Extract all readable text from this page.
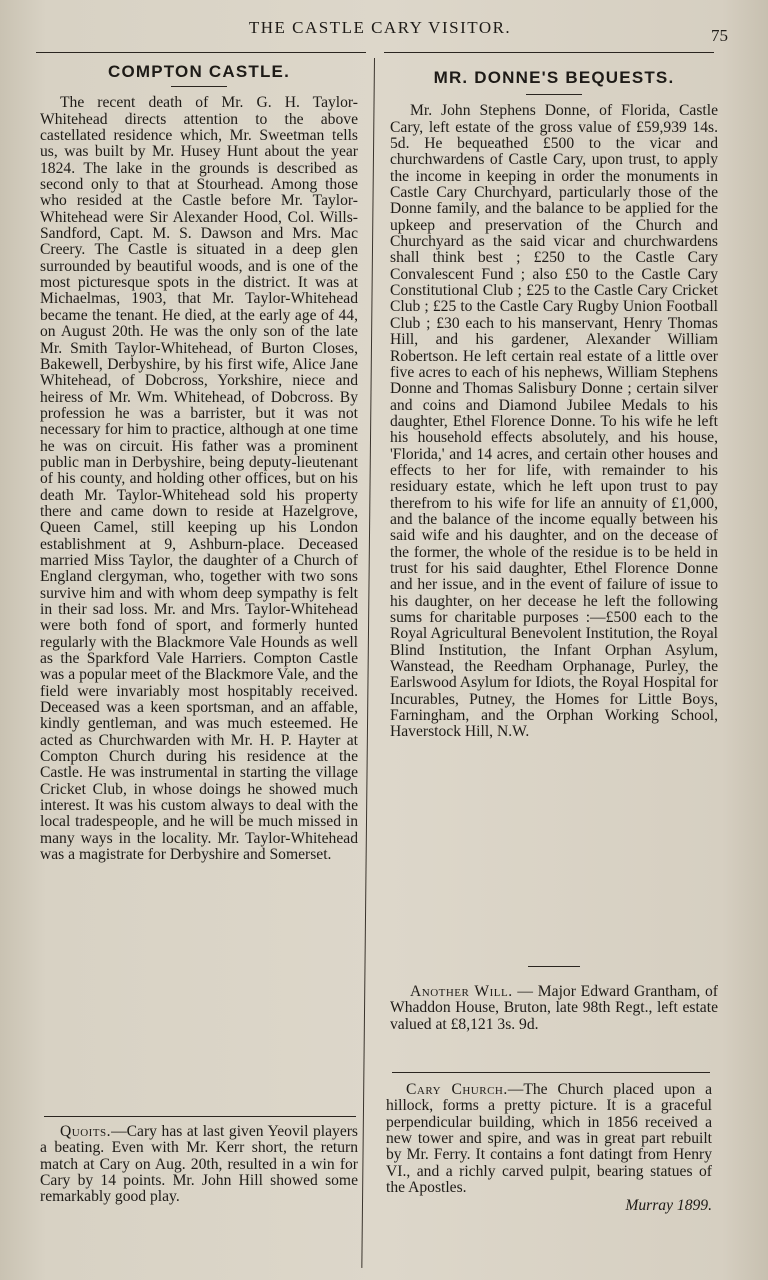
THE CASTLE CARY VISITOR.	75
COMPTON CASTLE.

The recent death of Mr. G. H. Taylor-Whitehead directs attention to the above castellated residence which, Mr. Sweetman tells us, was built by Mr. Husey Hunt about the year 1824. The lake in the grounds is described as second only to that at Stourhead. Among those who resided at the Castle before Mr. Taylor-Whitehead were Sir Alexander Hood, Col. Wills-Sandford, Capt. M. S. Dawson and Mrs. Mac Creery. The Castle is situated in a deep glen surrounded by beautiful woods, and is one of the most picturesque spots in the district. It was at Michaelmas, 1903, that Mr. Taylor-Whitehead became the tenant. He died, at the early age of 44, on August 20th. He was the only son of the late Mr. Smith Taylor-Whitehead, of Burton Closes, Bakewell, Derbyshire, by his first wife, Alice Jane Whitehead, of Dobcross, Yorkshire, niece and heiress of Mr. Wm. Whitehead, of Dobcross. By profession he was a barrister, but it was not necessary for him to practice, although at one time he was on circuit. His father was a prominent public man in Derbyshire, being deputy-lieutenant of his county, and holding other offices, but on his death Mr. Taylor-Whitehead sold his property there and came down to reside at Hazelgrove, Queen Camel, still keeping up his London establishment at 9, Ashburn-place. Deceased married Miss Taylor, the daughter of a Church of England clergyman, who, together with two sons survive him and with whom deep sympathy is felt in their sad loss. Mr. and Mrs. Taylor-Whitehead were both fond of sport, and formerly hunted regularly with the Blackmore Vale Hounds as well as the Sparkford Vale Harriers. Compton Castle was a popular meet of the Blackmore Vale, and the field were invariably most hospitably received. Deceased was a keen sportsman, and an affable, kindly gentleman, and was much esteemed. He acted as Churchwarden with Mr. H. P. Hayter at Compton Church during his residence at the Castle. He was instrumental in starting the village Cricket Club, in whose doings he showed much interest. It was his custom always to deal with the local tradespeople, and he will be much missed in many ways in the locality. Mr. Taylor-Whitehead was a magistrate for Derbyshire and Somerset.

Quoits.—Cary has at last given Yeovil players a beating. Even with Mr. Kerr short, the return match at Cary on Aug. 20th, resulted in a win for Cary by 14 points. Mr. John Hill showed some remarkably good play.

MR. DONNE'S BEQUESTS.

Mr. John Stephens Donne, of Florida, Castle Cary, left estate of the gross value of £59,939 14s. 5d. He bequeathed £500 to the vicar and churchwardens of Castle Cary, upon trust, to apply the income in keeping in order the monuments in Castle Cary Churchyard, particularly those of the Donne family, and the balance to be applied for the upkeep and preservation of the Church and Churchyard as the said vicar and churchwardens shall think best ; £250 to the Castle Cary Convalescent Fund ; also £50 to the Castle Cary Constitutional Club ; £25 to the Castle Cary Cricket Club ; £25 to the Castle Cary Rugby Union Football Club ; £30 each to his manservant, Henry Thomas Hill, and his gardener, Alexander William Robertson. He left certain real estate of a little over five acres to each of his nephews, William Stephens Donne and Thomas Salisbury Donne ; certain silver and coins and Diamond Jubilee Medals to his daughter, Ethel Florence Donne. To his wife he left his household effects absolutely, and his house, 'Florida,' and 14 acres, and certain other houses and effects to her for life, with remainder to his residuary estate, which he left upon trust to pay therefrom to his wife for life an annuity of £1,000, and the balance of the income equally between his said wife and his daughter, and on the decease of the former, the whole of the residue is to be held in trust for his said daughter, Ethel Florence Donne and her issue, and in the event of failure of issue to his daughter, on her decease he left the following sums for charitable purposes :—£500 each to the Royal Agricultural Benevolent Institution, the Royal Blind Institution, the Infant Orphan Asylum, Wanstead, the Reedham Orphanage, Purley, the Earlswood Asylum for Idiots, the Royal Hospital for Incurables, Putney, the Homes for Little Boys, Farningham, and the Orphan Working School, Haverstock Hill, N.W.

Another Will. — Major Edward Grantham, of Whaddon House, Bruton, late 98th Regt., left estate valued at £8,121 3s. 9d.

Cary Church.—The Church placed upon a hillock, forms a pretty picture. It is a graceful perpendicular building, which in 1856 received a new tower and spire, and was in great part rebuilt by Mr. Ferry. It contains a font datingt from Henry VI., and a richly carved pulpit, bearing statues of the Apostles.

Murray 1899.
